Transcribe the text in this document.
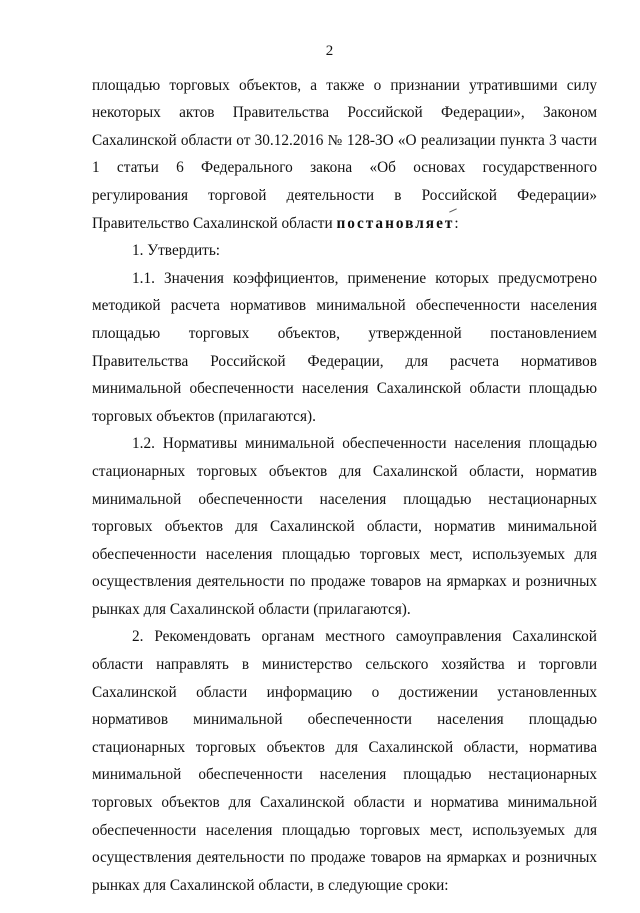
2

площадью торговых объектов, а также о признании утратившими силу некоторых актов Правительства Российской Федерации», Законом Сахалинской области от 30.12.2016 № 128-ЗО «О реализации пункта 3 части 1 статьи 6 Федерального закона «Об основах государственного регулирования торговой деятельности в Российской Федерации» Правительство Сахалинской области постановляет:

1. Утвердить:

1.1. Значения коэффициентов, применение которых предусмотрено методикой расчета нормативов минимальной обеспеченности населения площадью торговых объектов, утвержденной постановлением Правительства Российской Федерации, для расчета нормативов минимальной обеспеченности населения Сахалинской области площадью торговых объектов (прилагаются).

1.2. Нормативы минимальной обеспеченности населения площадью стационарных торговых объектов для Сахалинской области, норматив минимальной обеспеченности населения площадью нестационарных торговых объектов для Сахалинской области, норматив минимальной обеспеченности населения площадью торговых мест, используемых для осуществления деятельности по продаже товаров на ярмарках и розничных рынках для Сахалинской области (прилагаются).

2. Рекомендовать органам местного самоуправления Сахалинской области направлять в министерство сельского хозяйства и торговли Сахалинской области информацию о достижении установленных нормативов минимальной обеспеченности населения площадью стационарных торговых объектов для Сахалинской области, норматива минимальной обеспеченности населения площадью нестационарных торговых объектов для Сахалинской области и норматива минимальной обеспеченности населения площадью торговых мест, используемых для осуществления деятельности по продаже товаров на ярмарках и розничных рынках для Сахалинской области, в следующие сроки:
